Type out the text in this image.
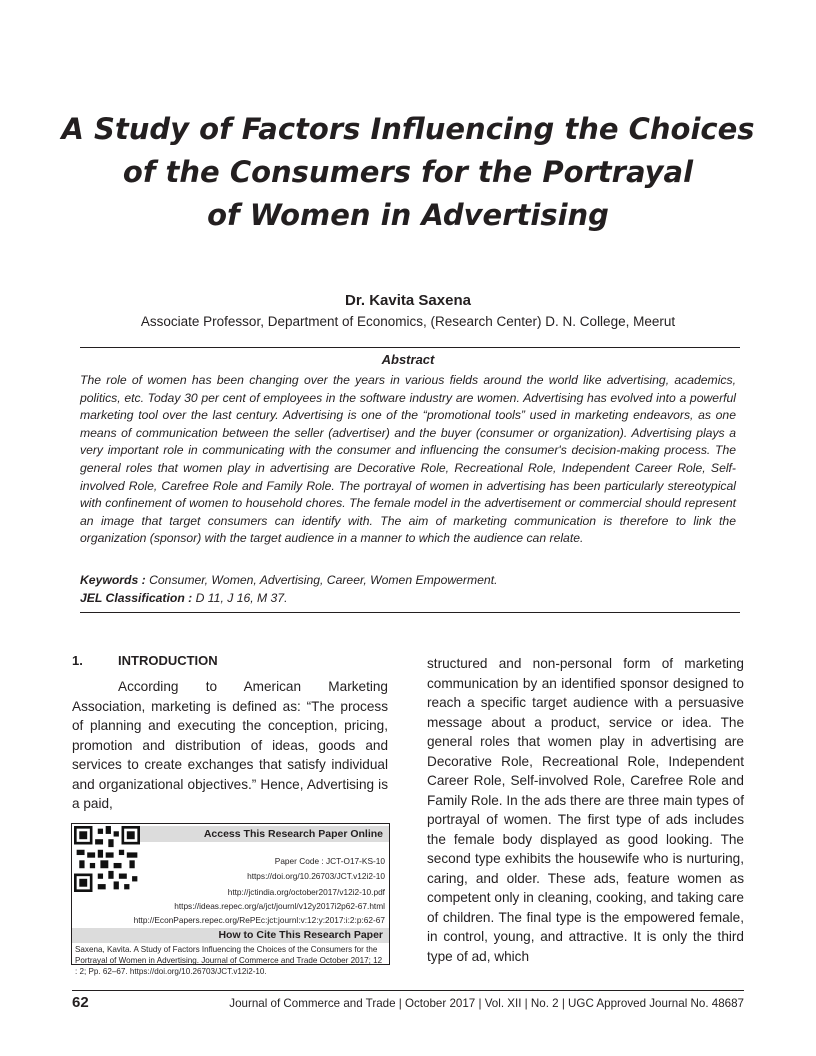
A Study of Factors Influencing the Choices
of the Consumers for the Portrayal
of Women in Advertising
Dr. Kavita Saxena
Associate Professor, Department of Economics, (Research Center) D. N. College, Meerut
Abstract

The role of women has been changing over the years in various fields around the world like advertising, academics, politics, etc. Today 30 per cent of employees in the software industry are women. Advertising has evolved into a powerful marketing tool over the last century. Advertising is one of the “promotional tools” used in marketing endeavors, as one means of communication between the seller (advertiser) and the buyer (consumer or organization). Advertising plays a very important role in communicating with the consumer and influencing the consumer's decision-making process. The general roles that women play in advertising are Decorative Role, Recreational Role, Independent Career Role, Self-involved Role, Carefree Role and Family Role. The portrayal of women in advertising has been particularly stereotypical with confinement of women to household chores. The female model in the advertisement or commercial should represent an image that target consumers can identify with. The aim of marketing communication is therefore to link the organization (sponsor) with the target audience in a manner to which the audience can relate.

Keywords : Consumer, Women, Advertising, Career, Women Empowerment.
JEL Classification : D 11, J 16, M 37.
1.	INTRODUCTION

According to American Marketing Association, marketing is defined as: “The process of planning and executing the conception, pricing, promotion and distribution of ideas, goods and services to create exchanges that satisfy individual and organizational objectives.” Hence, Advertising is a paid,

Access This Research Paper Online
Paper Code : JCT-O17-KS-10
https://doi.org/10.26703/JCT.v12i2-10
http://jctindia.org/october2017/v12i2-10.pdf
https://ideas.repec.org/a/jct/journl/v12y2017i2p62-67.html
http://EconPapers.repec.org/RePEc:jct:journl:v:12:y:2017:i:2:p:62-67
How to Cite This Research Paper

Saxena, Kavita. A Study of Factors Influencing the Choices of the Consumers for the Portrayal of Women in Advertising. Journal of Commerce and Trade October 2017; 12 : 2; Pp. 62–67. https://doi.org/10.26703/JCT.v12i2-10.

structured and non-personal form of marketing communication by an identified sponsor designed to reach a specific target audience with a persuasive message about a product, service or idea. The general roles that women play in advertising are Decorative Role, Recreational Role, Independent Career Role, Self-involved Role, Carefree Role and Family Role. In the ads there are three main types of portrayal of women. The first type of ads includes the female body displayed as good looking. The second type exhibits the housewife who is nurturing, caring, and older. These ads, feature women as competent only in cleaning, cooking, and taking care of children. The final type is the empowered female, in control, young, and attractive. It is only the third type of ad, which

62	Journal of Commerce and Trade | October 2017 | Vol. XII | No. 2 | UGC Approved Journal No. 48687
